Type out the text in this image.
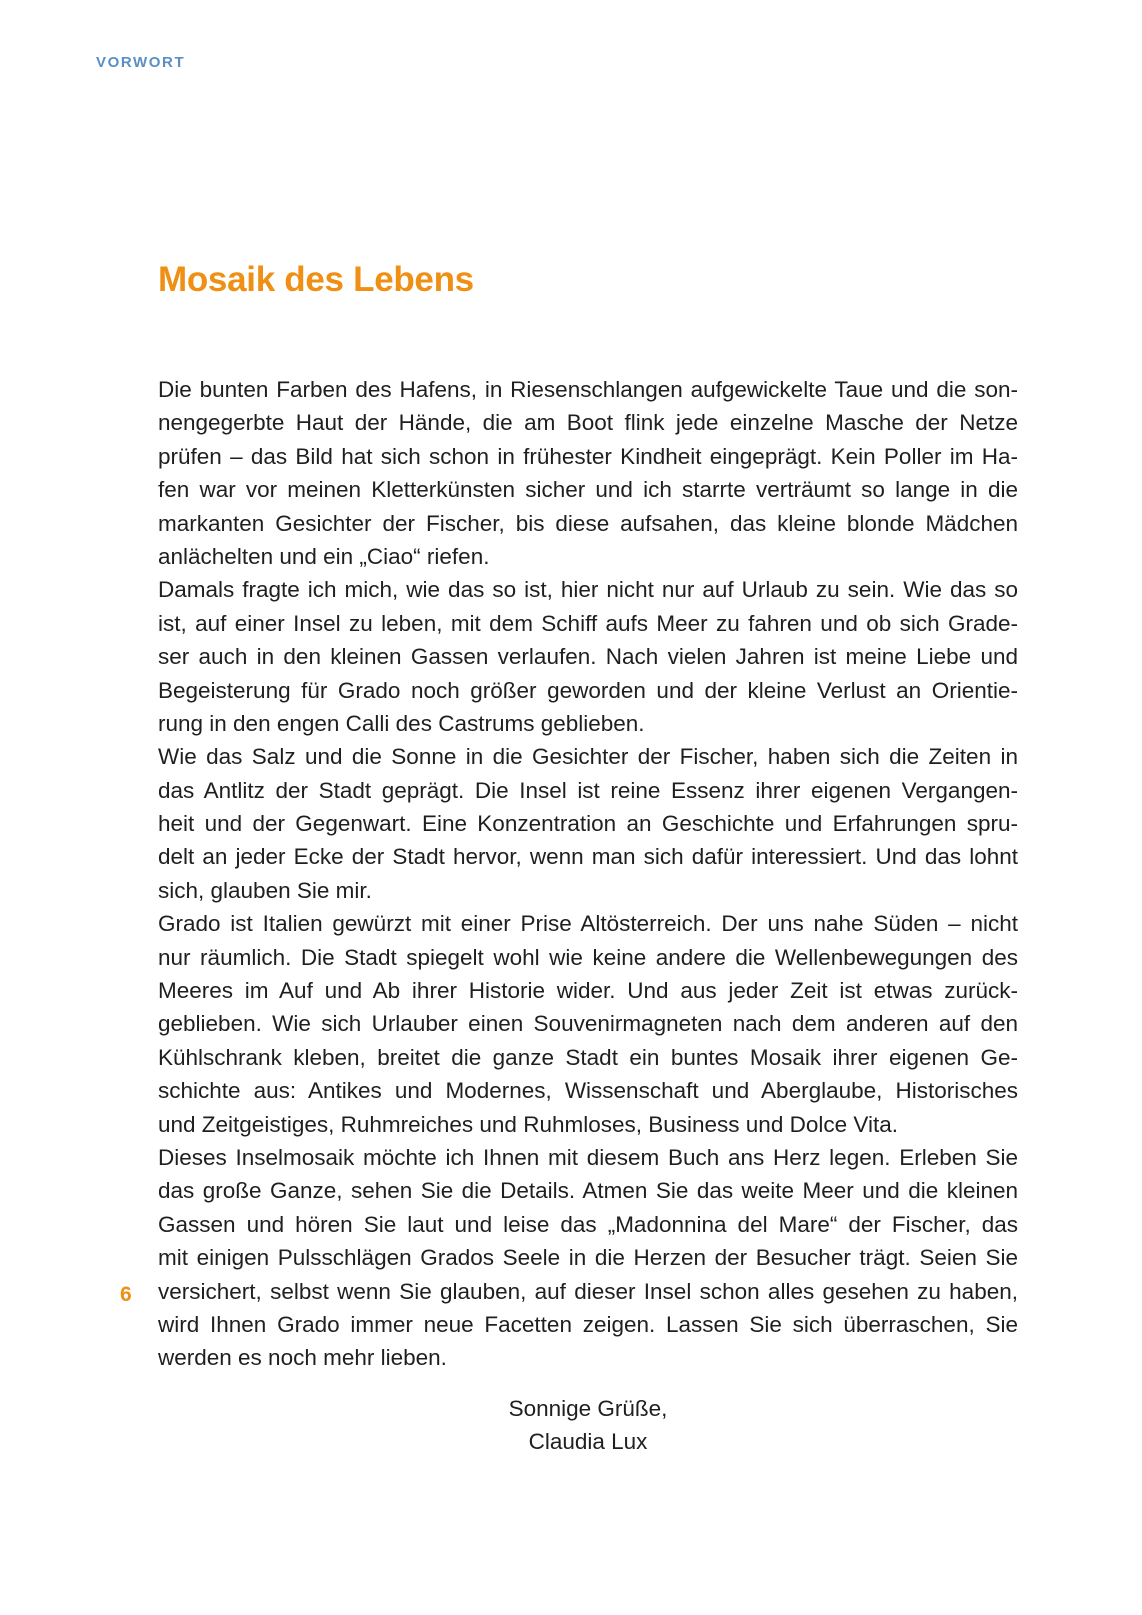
VORWORT
Mosaik des Lebens
Die bunten Farben des Hafens, in Riesenschlangen aufgewickelte Taue und die son-
nengegerbte Haut der Hände, die am Boot flink jede einzelne Masche der Netze
prüfen – das Bild hat sich schon in frühester Kindheit eingeprägt. Kein Poller im Ha-
fen war vor meinen Kletterkünsten sicher und ich starrte verträumt so lange in die
markanten Gesichter der Fischer, bis diese aufsahen, das kleine blonde Mädchen
anlächelten und ein „Ciao“ riefen.
Damals fragte ich mich, wie das so ist, hier nicht nur auf Urlaub zu sein. Wie das so
ist, auf einer Insel zu leben, mit dem Schiff aufs Meer zu fahren und ob sich Grade-
ser auch in den kleinen Gassen verlaufen. Nach vielen Jahren ist meine Liebe und
Begeisterung für Grado noch größer geworden und der kleine Verlust an Orientie-
rung in den engen Calli des Castrums geblieben.
Wie das Salz und die Sonne in die Gesichter der Fischer, haben sich die Zeiten in
das Antlitz der Stadt geprägt. Die Insel ist reine Essenz ihrer eigenen Vergangen-
heit und der Gegenwart. Eine Konzentration an Geschichte und Erfahrungen spru-
delt an jeder Ecke der Stadt hervor, wenn man sich dafür interessiert. Und das lohnt
sich, glauben Sie mir.
Grado ist Italien gewürzt mit einer Prise Altösterreich. Der uns nahe Süden – nicht
nur räumlich. Die Stadt spiegelt wohl wie keine andere die Wellenbewegungen des
Meeres im Auf und Ab ihrer Historie wider. Und aus jeder Zeit ist etwas zurück-
geblieben. Wie sich Urlauber einen Souvenirmagneten nach dem anderen auf den
Kühlschrank kleben, breitet die ganze Stadt ein buntes Mosaik ihrer eigenen Ge-
schichte aus: Antikes und Modernes, Wissenschaft und Aberglaube, Historisches
und Zeitgeistiges, Ruhmreiches und Ruhmloses, Business und Dolce Vita.
Dieses Inselmosaik möchte ich Ihnen mit diesem Buch ans Herz legen. Erleben Sie
das große Ganze, sehen Sie die Details. Atmen Sie das weite Meer und die kleinen
Gassen und hören Sie laut und leise das „Madonnina del Mare“ der Fischer, das
mit einigen Pulsschlägen Grados Seele in die Herzen der Besucher trägt. Seien Sie
versichert, selbst wenn Sie glauben, auf dieser Insel schon alles gesehen zu haben,
wird Ihnen Grado immer neue Facetten zeigen. Lassen Sie sich überraschen, Sie
werden es noch mehr lieben.
6
Sonnige Grüße,
Claudia Lux
